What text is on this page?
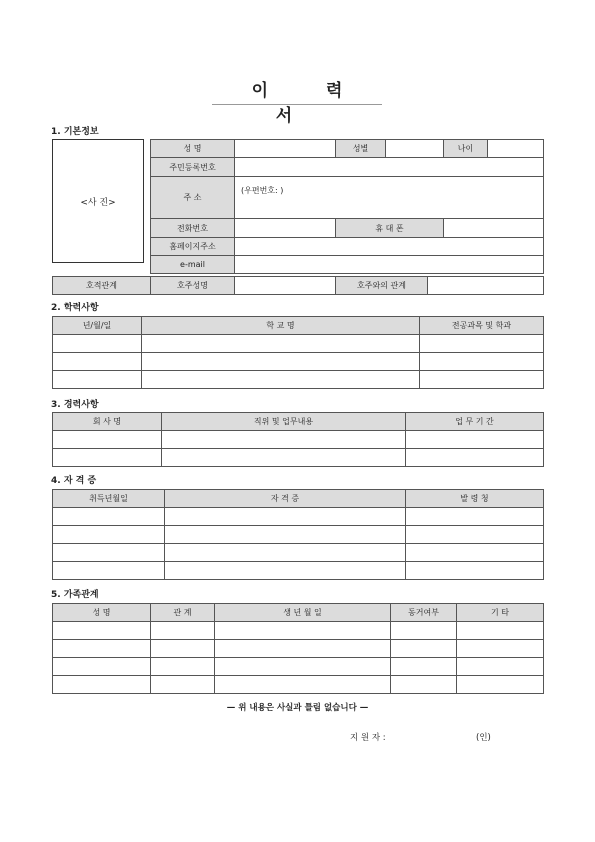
이 력 서
1. 기본정보
<사 진>
성 명		성별		나이	
주민등록번호					
주 소	(우편번호: )				
전화번호		휴 대 폰			
홈페이지주소					
e-mail					
호적관계	호주성명		호주와의 관계	
2. 학력사항
년/월/일	학 교 명	전공과목 및 학과

3. 경력사항
회 사 명	직위 및 업무내용	업 무 기 간

4. 자 격 증
취득년월일	자 격 증	발 령 청

5. 가족관계
성 명	관 계	생 년 월 일	동거여부	기 타

— 위 내용은 사실과 틀림 없습니다 —
지 원 자 :	(인)
